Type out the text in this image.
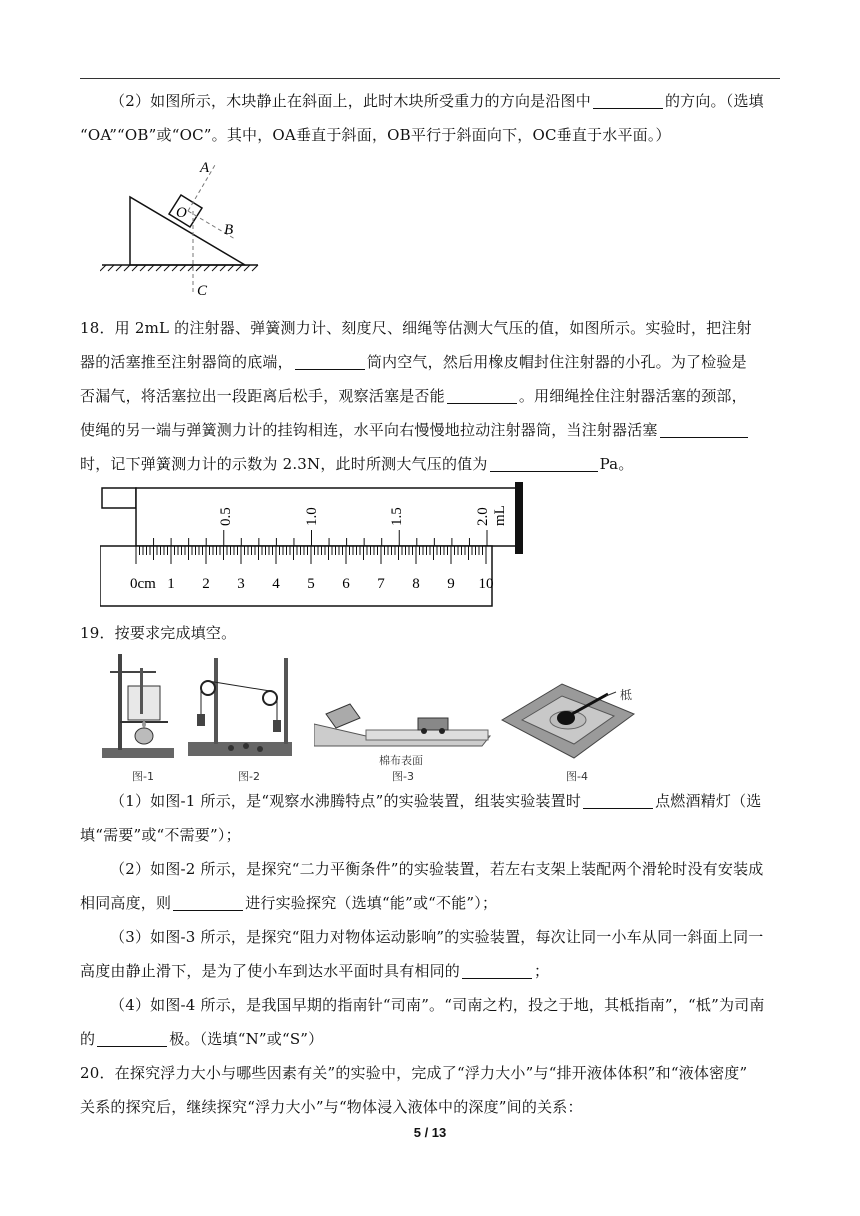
（2）如图所示，木块静止在斜面上，此时木块所受重力的方向是沿图中	的方向。（选填
“OA”“OB”或“OC”。其中，OA垂直于斜面，OB平行于斜面向下，OC垂直于水平面。）
A
O
B
C
18．用 2mL 的注射器、弹簧测力计、刻度尺、细绳等估测大气压的值，如图所示。实验时，把注射
器的活塞推至注射器筒的底端，	筒内空气，然后用橡皮帽封住注射器的小孔。为了检验是
否漏气，将活塞拉出一段距离后松手，观察活塞是否能	。用细绳拴住注射器活塞的颈部，
使绳的另一端与弹簧测力计的挂钩相连，水平向右慢慢地拉动注射器筒，当注射器活塞
时，记下弹簧测力计的示数为 2.3N，此时所测大气压的值为	Pa。
0.5	1.0	1.5	2.0 mL
0cm 1 2 3 4 5 6 7 8 9 10
19．按要求完成填空。
棉布表面
柢
图-1	图-2	图-3	图-4
（1）如图-1 所示，是“观察水沸腾特点”的实验装置，组装实验装置时	点燃酒精灯（选
填“需要”或“不需要”）；
（2）如图-2 所示，是探究“二力平衡条件”的实验装置，若左右支架上装配两个滑轮时没有安装成
相同高度，则	进行实验探究（选填“能”或“不能”）；
（3）如图-3 所示，是探究“阻力对物体运动影响”的实验装置，每次让同一小车从同一斜面上同一
高度由静止滑下，是为了使小车到达水平面时具有相同的	；
（4）如图-4 所示，是我国早期的指南针“司南”。“司南之杓，投之于地，其柢指南”，“柢”为司南
的	极。（选填“N”或“S”）
20．在探究浮力大小与哪些因素有关”的实验中，完成了“浮力大小”与“排开液体体积”和“液体密度”
关系的探究后，继续探究“浮力大小”与“物体浸入液体中的深度”间的关系：
5 / 13
